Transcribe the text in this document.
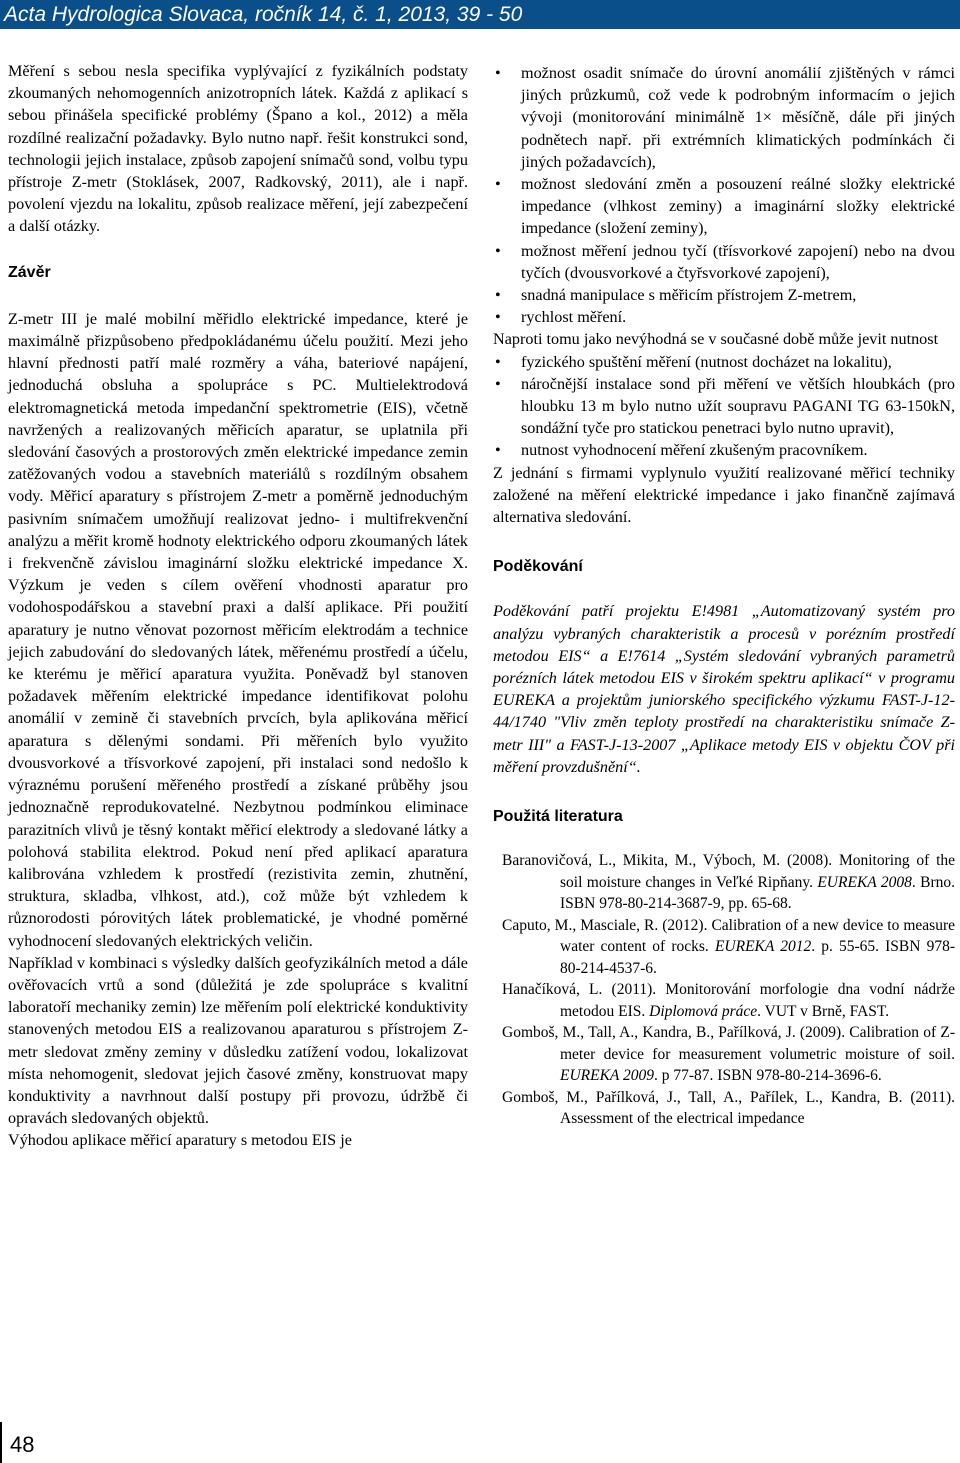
Acta Hydrologica Slovaca, ročník 14, č. 1, 2013, 39 - 50

Měření s sebou nesla specifika vyplývající z fyzikálních podstaty zkoumaných nehomogenních anizotropních látek. Každá z aplikací s sebou přinášela specifické problémy (Špano a kol., 2012) a měla rozdílné realizační požadavky. Bylo nutno např. řešit konstrukci sond, technologii jejich instalace, způsob zapojení snímačů sond, volbu typu přístroje Z-metr (Stoklásek, 2007, Radkovský, 2011), ale i např. povolení vjezdu na lokalitu, způsob realizace měření, její zabezpečení a další otázky.

Závěr

Z-metr III je malé mobilní měřidlo elektrické impedance, které je maximálně přizpůsobeno předpokládanému účelu použití. Mezi jeho hlavní přednosti patří malé rozměry a váha, bateriové napájení, jednoduchá obsluha a spolupráce s PC. Multielektrodová elektromagnetická metoda impedanční spektrometrie (EIS), včetně navržených a realizovaných měřicích aparatur, se uplatnila při sledování časových a prostorových změn elektrické impedance zemin zatěžovaných vodou a stavebních materiálů s rozdílným obsahem vody. Měřicí aparatury s přístrojem Z-metr a poměrně jednoduchým pasivním snímačem umožňují realizovat jedno- i multifrekvenční analýzu a měřit kromě hodnoty elektrického odporu zkoumaných látek i frekvenčně závislou imaginární složku elektrické impedance X. Výzkum je veden s cílem ověření vhodnosti aparatur pro vodohospodářskou a stavební praxi a další aplikace. Při použití aparatury je nutno věnovat pozornost měřicím elektrodám a technice jejich zabudování do sledovaných látek, měřenému prostředí a účelu, ke kterému je měřicí aparatura využita. Poněvadž byl stanoven požadavek měřením elektrické impedance identifikovat polohu anomálií v zemině či stavebních prvcích, byla aplikována měřicí aparatura s dělenými sondami. Při měřeních bylo využito dvousvorkové a třísvorkové zapojení, při instalaci sond nedošlo k výraznému porušení měřeného prostředí a získané průběhy jsou jednoznačně reprodukovatelné. Nezbytnou podmínkou eliminace parazitních vlivů je těsný kontakt měřicí elektrody a sledované látky a polohová stabilita elektrod. Pokud není před aplikací aparatura kalibrována vzhledem k prostředí (rezistivita zemin, zhutnění, struktura, skladba, vlhkost, atd.), což může být vzhledem k různorodosti pórovitých látek problematické, je vhodné poměrné vyhodnocení sledovaných elektrických veličin.

Například v kombinaci s výsledky dalších geofyzikálních metod a dále ověřovacích vrtů a sond (důležitá je zde spolupráce s kvalitní laboratoří mechaniky zemin) lze měřením polí elektrické konduktivity stanovených metodou EIS a realizovanou aparaturou s přístrojem Z-metr sledovat změny zeminy v důsledku zatížení vodou, lokalizovat místa nehomogenit, sledovat jejich časové změny, konstruovat mapy konduktivity a navrhnout další postupy při provozu, údržbě či opravách sledovaných objektů.

Výhodou aplikace měřicí aparatury s metodou EIS je

• možnost osadit snímače do úrovní anomálií zjištěných v rámci jiných průzkumů, což vede k podrobným informacím o jejich vývoji (monitorování minimálně 1× měsíčně, dále při jiných podnětech např. při extrémních klimatických podmínkách či jiných požadavcích),
• možnost sledování změn a posouzení reálné složky elektrické impedance (vlhkost zeminy) a imaginární složky elektrické impedance (složení zeminy),
• možnost měření jednou tyčí (třísvorkové zapojení) nebo na dvou tyčích (dvousvorkové a čtyřsvorkové zapojení),
• snadná manipulace s měřicím přístrojem Z-metrem,
• rychlost měření.

Naproti tomu jako nevýhodná se v současné době může jevit nutnost

• fyzického spuštění měření (nutnost docházet na lokalitu),
• náročnější instalace sond při měření ve větších hloubkách (pro hloubku 13 m bylo nutno užít soupravu PAGANI TG 63-150kN, sondážní tyče pro statickou penetraci bylo nutno upravit),
• nutnost vyhodnocení měření zkušeným pracovníkem.

Z jednání s firmami vyplynulo využití realizované měřicí techniky založené na měření elektrické impedance i jako finančně zajímavá alternativa sledování.

Poděkování

Poděkování patří projektu E!4981 „Automatizovaný systém pro analýzu vybraných charakteristik a procesů v porézním prostředí metodou EIS“ a E!7614 „Systém sledování vybraných parametrů porézních látek metodou EIS v širokém spektru aplikací“ v programu EUREKA a projektům juniorského specifického výzkumu FAST-J-12-44/1740 "Vliv změn teploty prostředí na charakteristiku snímače Z-metr III" a FAST-J-13-2007 „Aplikace metody EIS v objektu ČOV při měření provzdušnění“.

Použitá literatura

Baranovičová, L., Mikita, M., Výboch, M. (2008). Monitoring of the soil moisture changes in Veľké Ripňany. EUREKA 2008. Brno. ISBN 978-80-214-3687-9, pp. 65-68.

Caputo, M., Masciale, R. (2012). Calibration of a new device to measure water content of rocks. EUREKA 2012. p. 55-65. ISBN 978-80-214-4537-6.

Hanačíková, L. (2011). Monitorování morfologie dna vodní nádrže metodou EIS. Diplomová práce. VUT v Brně, FAST.

Gomboš, M., Tall, A., Kandra, B., Pařílková, J. (2009). Calibration of Z-meter device for measurement volumetric moisture of soil. EUREKA 2009. p 77-87. ISBN 978-80-214-3696-6.

Gomboš, M., Pařílková, J., Tall, A., Pařílek, L., Kandra, B. (2011). Assessment of the electrical impedance

48
